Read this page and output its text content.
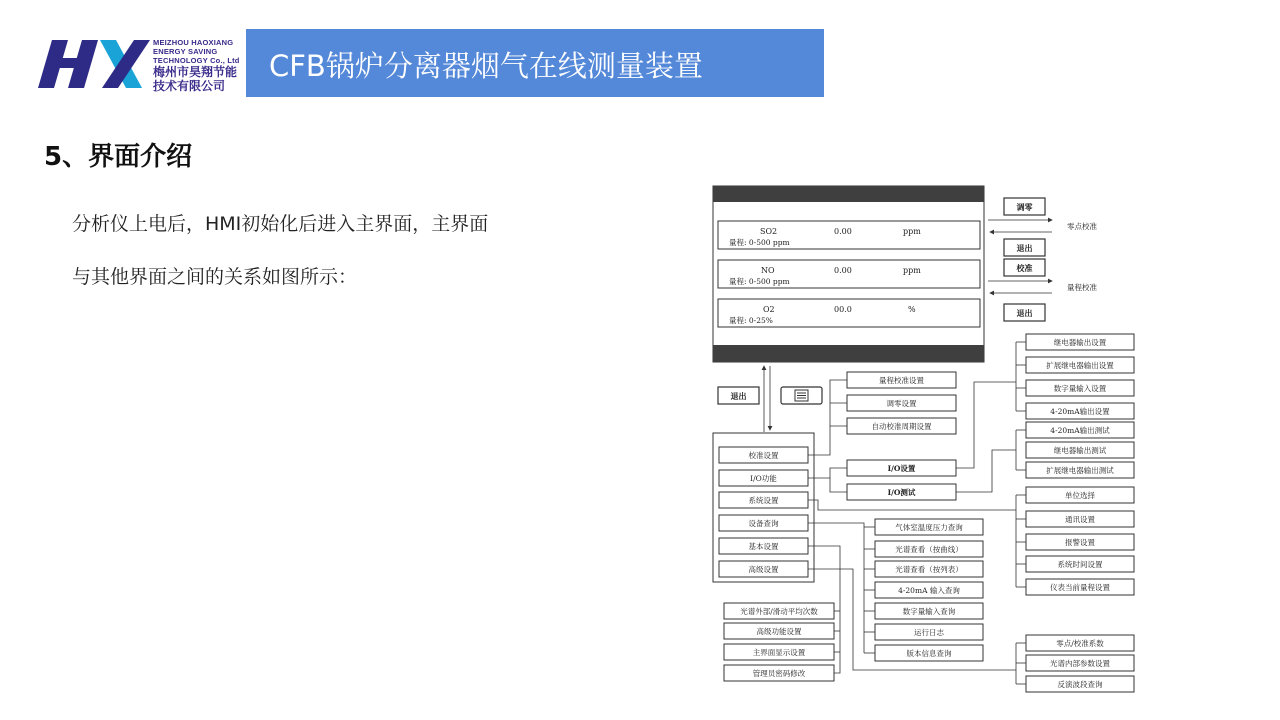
MEIZHOU HAOXIANG
ENERGY SAVING
TECHNOLOGY Co., Ltd
梅州市昊翔节能
技术有限公司
CFB锅炉分离器烟气在线测量装置
5、界面介绍
分析仪上电后，HMI初始化后进入主界面，主界面
与其他界面之间的关系如图所示：
SO2	0.00	ppm
量程: 0-500 ppm
NO	0.00	ppm
量程: 0-500 ppm
O2	00.0	%
量程: 0-25%
调零
退出
校准
退出
零点校准
量程校准
退出
校准设置
I/O功能
系统设置
设备查询
基本设置
高级设置
量程校准设置
调零设置
自动校准周期设置
I/O设置
I/O测试
继电器输出设置
扩展继电器输出设置
数字量输入设置
4-20mA输出设置
4-20mA输出测试
继电器输出测试
扩展继电器输出测试
单位选择
通讯设置
报警设置
系统时间设置
仪表当前量程设置
气体室温度压力查询
光谱查看（按曲线）
光谱查看（按列表）
4-20mA 输入查询
数字量输入查询
运行日志
版本信息查询
光谱外部/滑动平均次数
高级功能设置
主界面显示设置
管理员密码修改
零点/校准系数
光谱内部参数设置
反演波段查询
